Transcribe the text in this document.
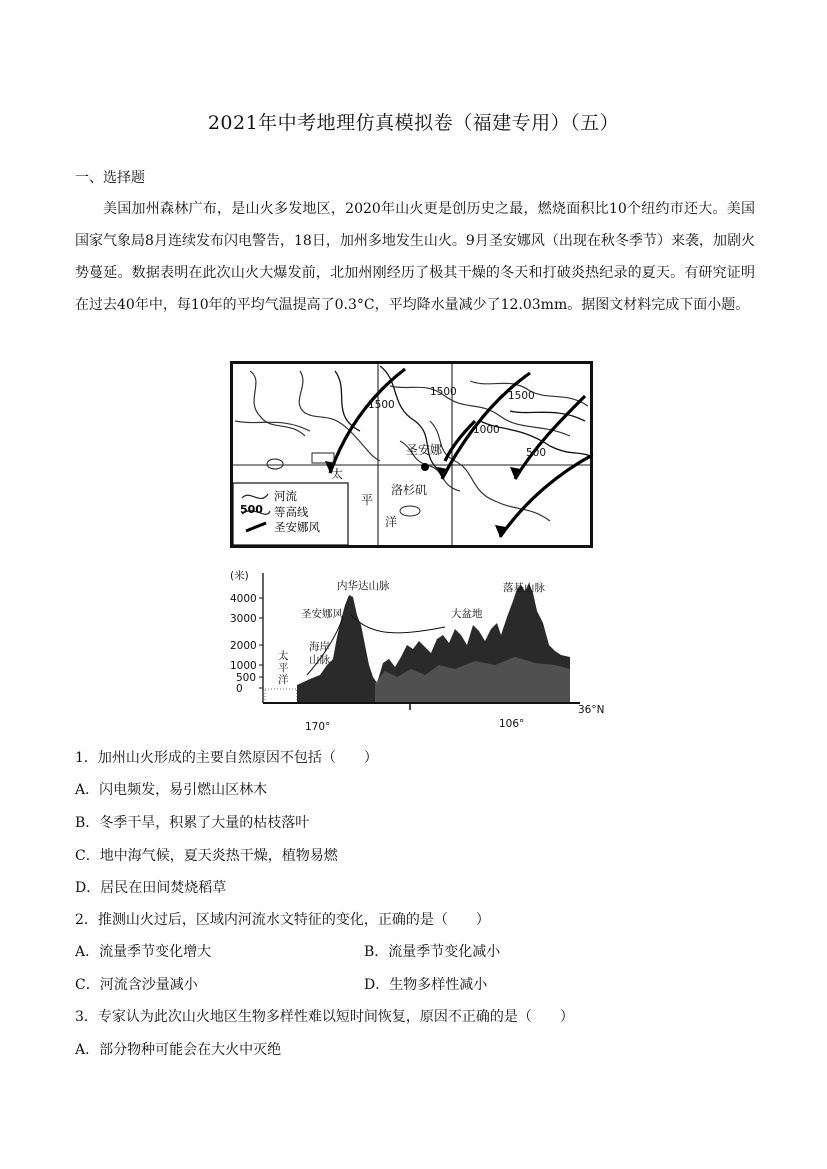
2021年中考地理仿真模拟卷（福建专用）（五）
一、选择题

美国加州森林广布，是山火多发地区，2020年山火更是创历史之最，燃烧面积比10个纽约市还大。美国国家气象局8月连续发布闪电警告，18日，加州多地发生山火。9月圣安娜风（出现在秋冬季节）来袭，加剧火势蔓延。数据表明在此次山火大爆发前，北加州刚经历了极其干燥的冬天和打破炎热纪录的夏天。有研究证明在过去40年中，每10年的平均气温提高了0.3°C，平均降水量减少了12.03mm。据图文材料完成下面小题。

1500
1500	1500
1000
500
圣安娜
洛杉矶
太
平
洋
500
河流
等高线
圣安娜风
(米)
4000
3000
2000
1000
500
0
内华达山脉
圣安娜风
海岸
山脉
大盆地
落基山脉
太
平
洋
170°	106°
36°N
1．加州山火形成的主要自然原因不包括（　　）
A．闪电频发，易引燃山区林木
B．冬季干旱，积累了大量的枯枝落叶
C．地中海气候，夏天炎热干燥，植物易燃
D．居民在田间焚烧稻草
2．推测山火过后，区域内河流水文特征的变化，正确的是（　　）
A．流量季节变化增大	B．流量季节变化减小
C．河流含沙量减小	D．生物多样性减小
3．专家认为此次山火地区生物多样性难以短时间恢复，原因不正确的是（　　）
A．部分物种可能会在大火中灭绝
